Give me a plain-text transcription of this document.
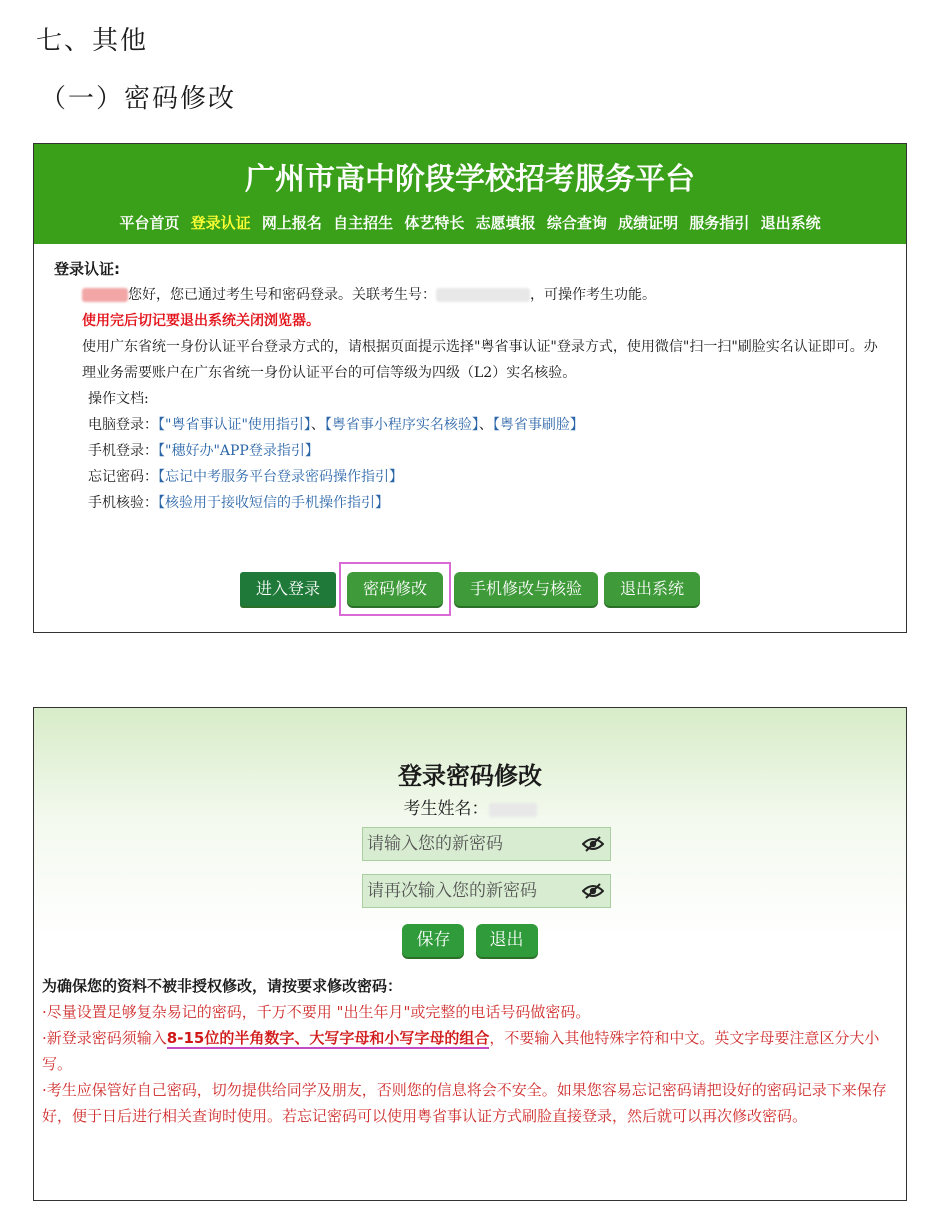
七、其他
（一）密码修改
广州市高中阶段学校招考服务平台
平台首页 登录认证 网上报名 自主招生 体艺特长 志愿填报 综合查询 成绩证明 服务指引 退出系统

登录认证:

您好，您已通过考生号和密码登录。关联考生号：	，可操作考生功能。

使用完后切记要退出系统关闭浏览器。

使用广东省统一身份认证平台登录方式的，请根据页面提示选择"粤省事认证"登录方式，使用微信"扫一扫"刷脸实名认证即可。办理业务需要账户在广东省统一身份认证平台的可信等级为四级（L2）实名核验。

操作文档:

电脑登录：【"粤省事认证"使用指引】、【粤省事小程序实名核验】、【粤省事刷脸】

手机登录：【"穗好办"APP登录指引】

忘记密码：【忘记中考服务平台登录密码操作指引】

手机核验：【核验用于接收短信的手机操作指引】

进入登录	密码修改	手机修改与核验 退出系统
登录密码修改
考生姓名：
保存 退出

为确保您的资料不被非授权修改，请按要求修改密码：

·尽量设置足够复杂易记的密码，千万不要用 "出生年月"或完整的电话号码做密码。

·新登录密码须输入8-15位的半角数字、大写字母和小写字母的组合，不要输入其他特殊字符和中文。英文字母要注意区分大小写。

·考生应保管好自己密码，切勿提供给同学及朋友，否则您的信息将会不安全。如果您容易忘记密码请把设好的密码记录下来保存好，便于日后进行相关查询时使用。若忘记密码可以使用粤省事认证方式刷脸直接登录，然后就可以再次修改密码。
